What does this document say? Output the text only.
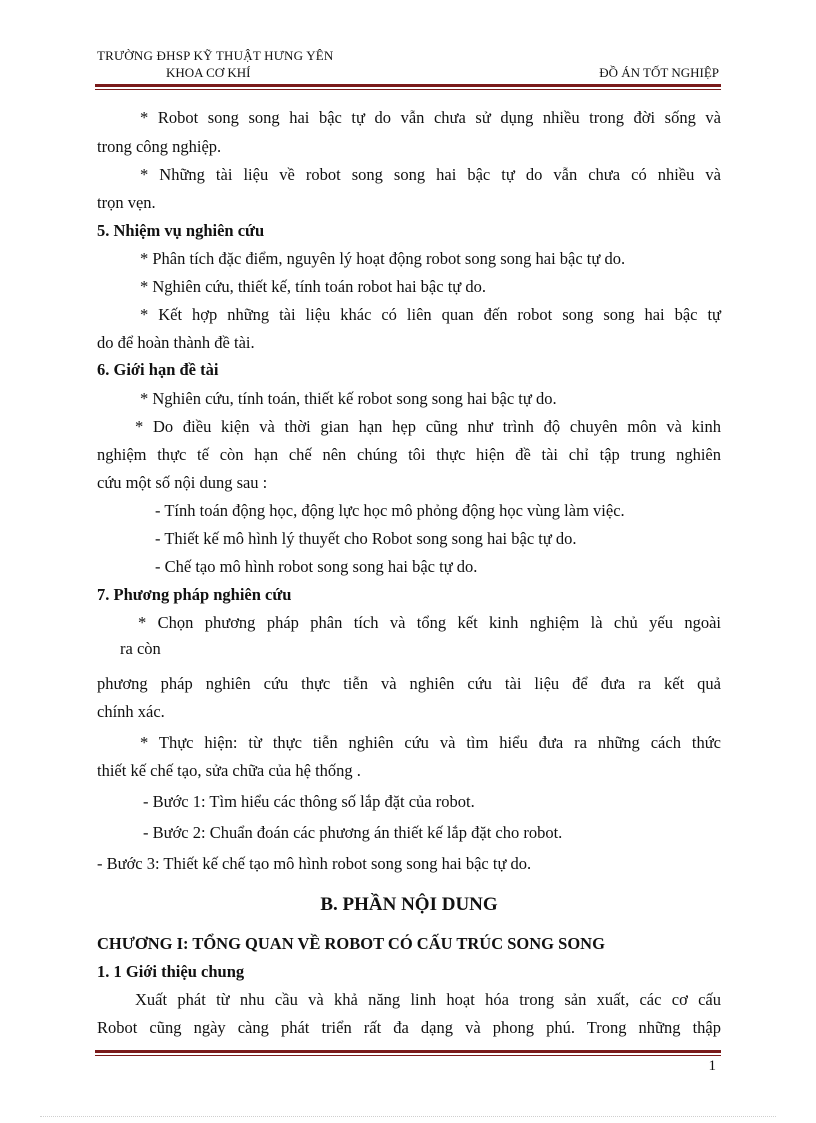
TRƯỜNG ĐHSP KỸ THUẬT HƯNG YÊN
KHOA CƠ KHÍ	ĐỒ ÁN TỐT NGHIỆP
* Robot song song hai bậc tự do vẫn chưa sử dụng nhiều trong đời sống và
trong công nghiệp.
* Những tài liệu về robot song song hai bậc tự do vẫn chưa có nhiều và
trọn vẹn.
5. Nhiệm vụ nghiên cứu
* Phân tích đặc điểm, nguyên lý hoạt động robot song song hai bậc tự do.
* Nghiên cứu, thiết kế, tính toán robot hai bậc tự do.
* Kết hợp những tài liệu khác có liên quan đến robot song song hai bậc tự
do để hoàn thành đề tài.
6. Giới hạn đề tài
* Nghiên cứu, tính toán, thiết kế robot song song hai bậc tự do.
* Do điều kiện và thời gian hạn hẹp cũng như trình độ chuyên môn và kinh
nghiệm thực tế còn hạn chế nên chúng tôi thực hiện đề tài chỉ tập trung nghiên
cứu một số nội dung sau :
- Tính toán động học, động lực học mô phỏng động học vùng làm việc.
- Thiết kế mô hình lý thuyết cho Robot song song hai bậc tự do.
- Chế tạo mô hình robot song song hai bậc tự do.
7. Phương pháp nghiên cứu
* Chọn phương pháp phân tích và tổng kết kinh nghiệm là chủ yếu ngoài
ra còn
phương pháp nghiên cứu thực tiễn và nghiên cứu tài liệu để đưa ra kết quả
chính xác.
* Thực hiện: từ thực tiễn nghiên cứu và tìm hiểu đưa ra những cách thức
thiết kế chế tạo, sửa chữa của hệ thống .
- Bước 1: Tìm hiểu các thông số lắp đặt của robot.
- Bước 2: Chuẩn đoán các phương án thiết kế lắp đặt cho robot.
- Bước 3: Thiết kế chế tạo mô hình robot song song hai bậc tự do.
B. PHẦN NỘI DUNG
CHƯƠNG I: TỔNG QUAN VỀ ROBOT CÓ CẤU TRÚC SONG SONG
1. 1 Giới thiệu chung
Xuất phát từ nhu cầu và khả năng linh hoạt hóa trong sản xuất, các cơ cấu
Robot cũng ngày càng phát triển rất đa dạng và phong phú. Trong những thập
1
